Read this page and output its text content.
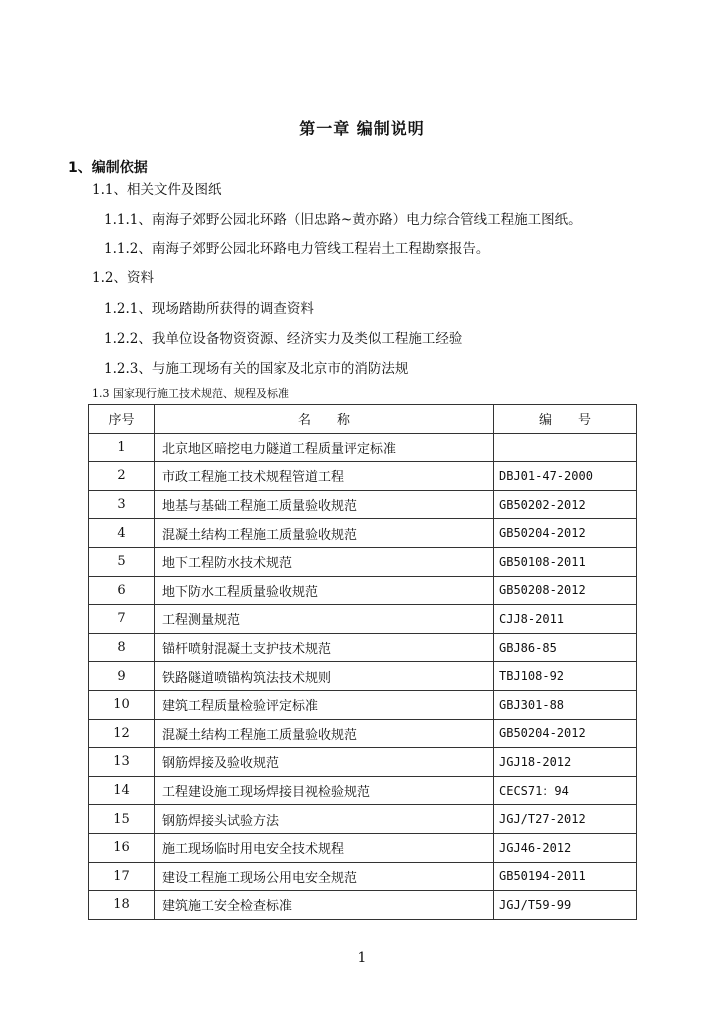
第一章 编制说明
1、编制依据
1.1、相关文件及图纸
1.1.1、南海子郊野公园北环路（旧忠路~黄亦路）电力综合管线工程施工图纸。
1.1.2、南海子郊野公园北环路电力管线工程岩土工程勘察报告。
1.2、资料
1.2.1、现场踏勘所获得的调查资料
1.2.2、我单位设备物资资源、经济实力及类似工程施工经验
1.2.3、与施工现场有关的国家及北京市的消防法规
1.3 国家现行施工技术规范、规程及标准
序号	名　　称	编　　号
1	北京地区暗挖电力隧道工程质量评定标准	
2	市政工程施工技术规程管道工程	DBJ01-47-2000
3	地基与基础工程施工质量验收规范	GB50202-2012
4	混凝土结构工程施工质量验收规范	GB50204-2012
5	地下工程防水技术规范	GB50108-2011
6	地下防水工程质量验收规范	GB50208-2012
7	工程测量规范	CJJ8-2011
8	锚杆喷射混凝土支护技术规范	GBJ86-85
9	铁路隧道喷锚构筑法技术规则	TBJ108-92
10	建筑工程质量检验评定标准	GBJ301-88
12	混凝土结构工程施工质量验收规范	GB50204-2012
13	钢筋焊接及验收规范	JGJ18-2012
14	工程建设施工现场焊接目视检验规范	CECS71：94
15	钢筋焊接头试验方法	JGJ/T27-2012
16	施工现场临时用电安全技术规程	JGJ46-2012
17	建设工程施工现场公用电安全规范	GB50194-2011
18	建筑施工安全检查标准	JGJ/T59-99
1
